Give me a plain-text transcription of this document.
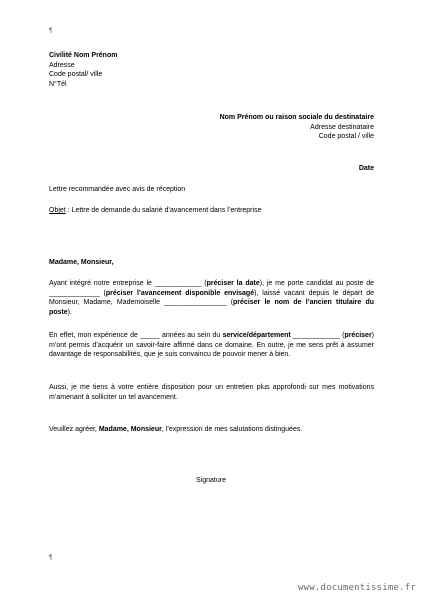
¶
Civilité Nom Prénom
Adresse
Code postal/ ville
N°Tél
Nom Prénom ou raison sociale du destinataire
Adresse destinataire
Code postal / ville
Date
Lettre recommandée avec avis de réception
Objet : Lettre de demande du salarié d’avancement dans l’entreprise
Madame, Monsieur,
Ayant intégré notre entreprise le ____________ (préciser la date), je me porte candidat au poste de _____________ (préciser l’avancement disponible envisagé), laissé vacant depuis le départ de Monsieur, Madame, Mademoiselle ________________ (préciser le nom de l’ancien titulaire du poste).
En effet, mon expérience de _____ années au sein du service/département ____________ (préciser) m’ont permis d’acquérir un savoir-faire affirmé dans ce domaine. En outre, je me sens prêt à assumer davantage de responsabilités, que je suis convaincu de pouvoir mener à bien.
Aussi, je me tiens à votre entière disposition pour un entretien plus approfondi sur mes motivations m’amenant à solliciter un tel avancement.
Veuillez agréer, Madame, Monsieur, l’expression de mes salutations distinguées.
Signature
¶
www.documentissime.fr
